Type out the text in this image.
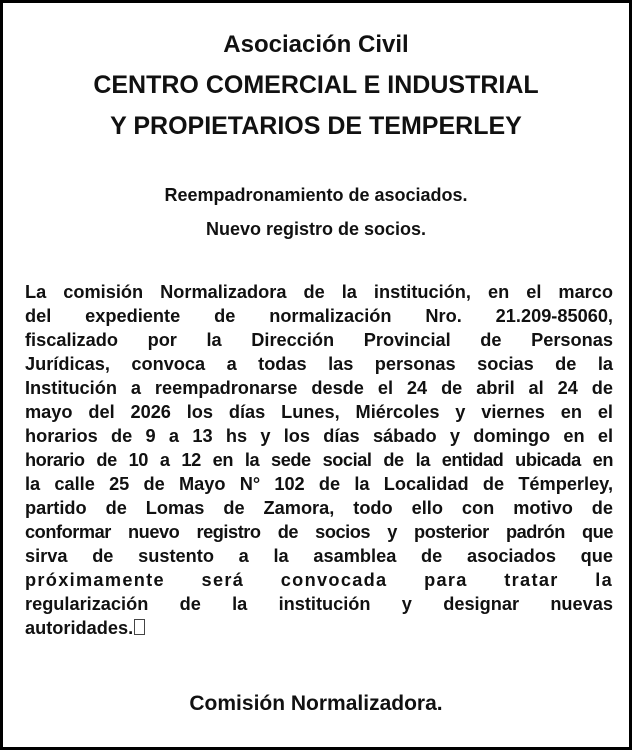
Asociación Civil
CENTRO COMERCIAL E INDUSTRIAL
Y PROPIETARIOS DE TEMPERLEY

Reempadronamiento de asociados.

Nuevo registro de socios.

La comisión Normalizadora de la institución, en el marco
del expediente de normalización Nro. 21.209-85060,
fiscalizado por la Dirección Provincial de Personas
Jurídicas, convoca a todas las personas socias de la
Institución a reempadronarse desde el 24 de abril al 24 de
mayo del 2026 los días Lunes, Miércoles y viernes en el
horarios de 9 a 13 hs y los días sábado y domingo en el
horario de 10 a 12 en la sede social de la entidad ubicada en
la calle 25 de Mayo N° 102 de la Localidad de Témperley,
partido de Lomas de Zamora, todo ello con motivo de
conformar nuevo registro de socios y posterior padrón que
sirva de sustento a la asamblea de asociados que
próximamente será convocada para tratar la
regularización de la institución y designar nuevas
autoridades.

Comisión Normalizadora.
